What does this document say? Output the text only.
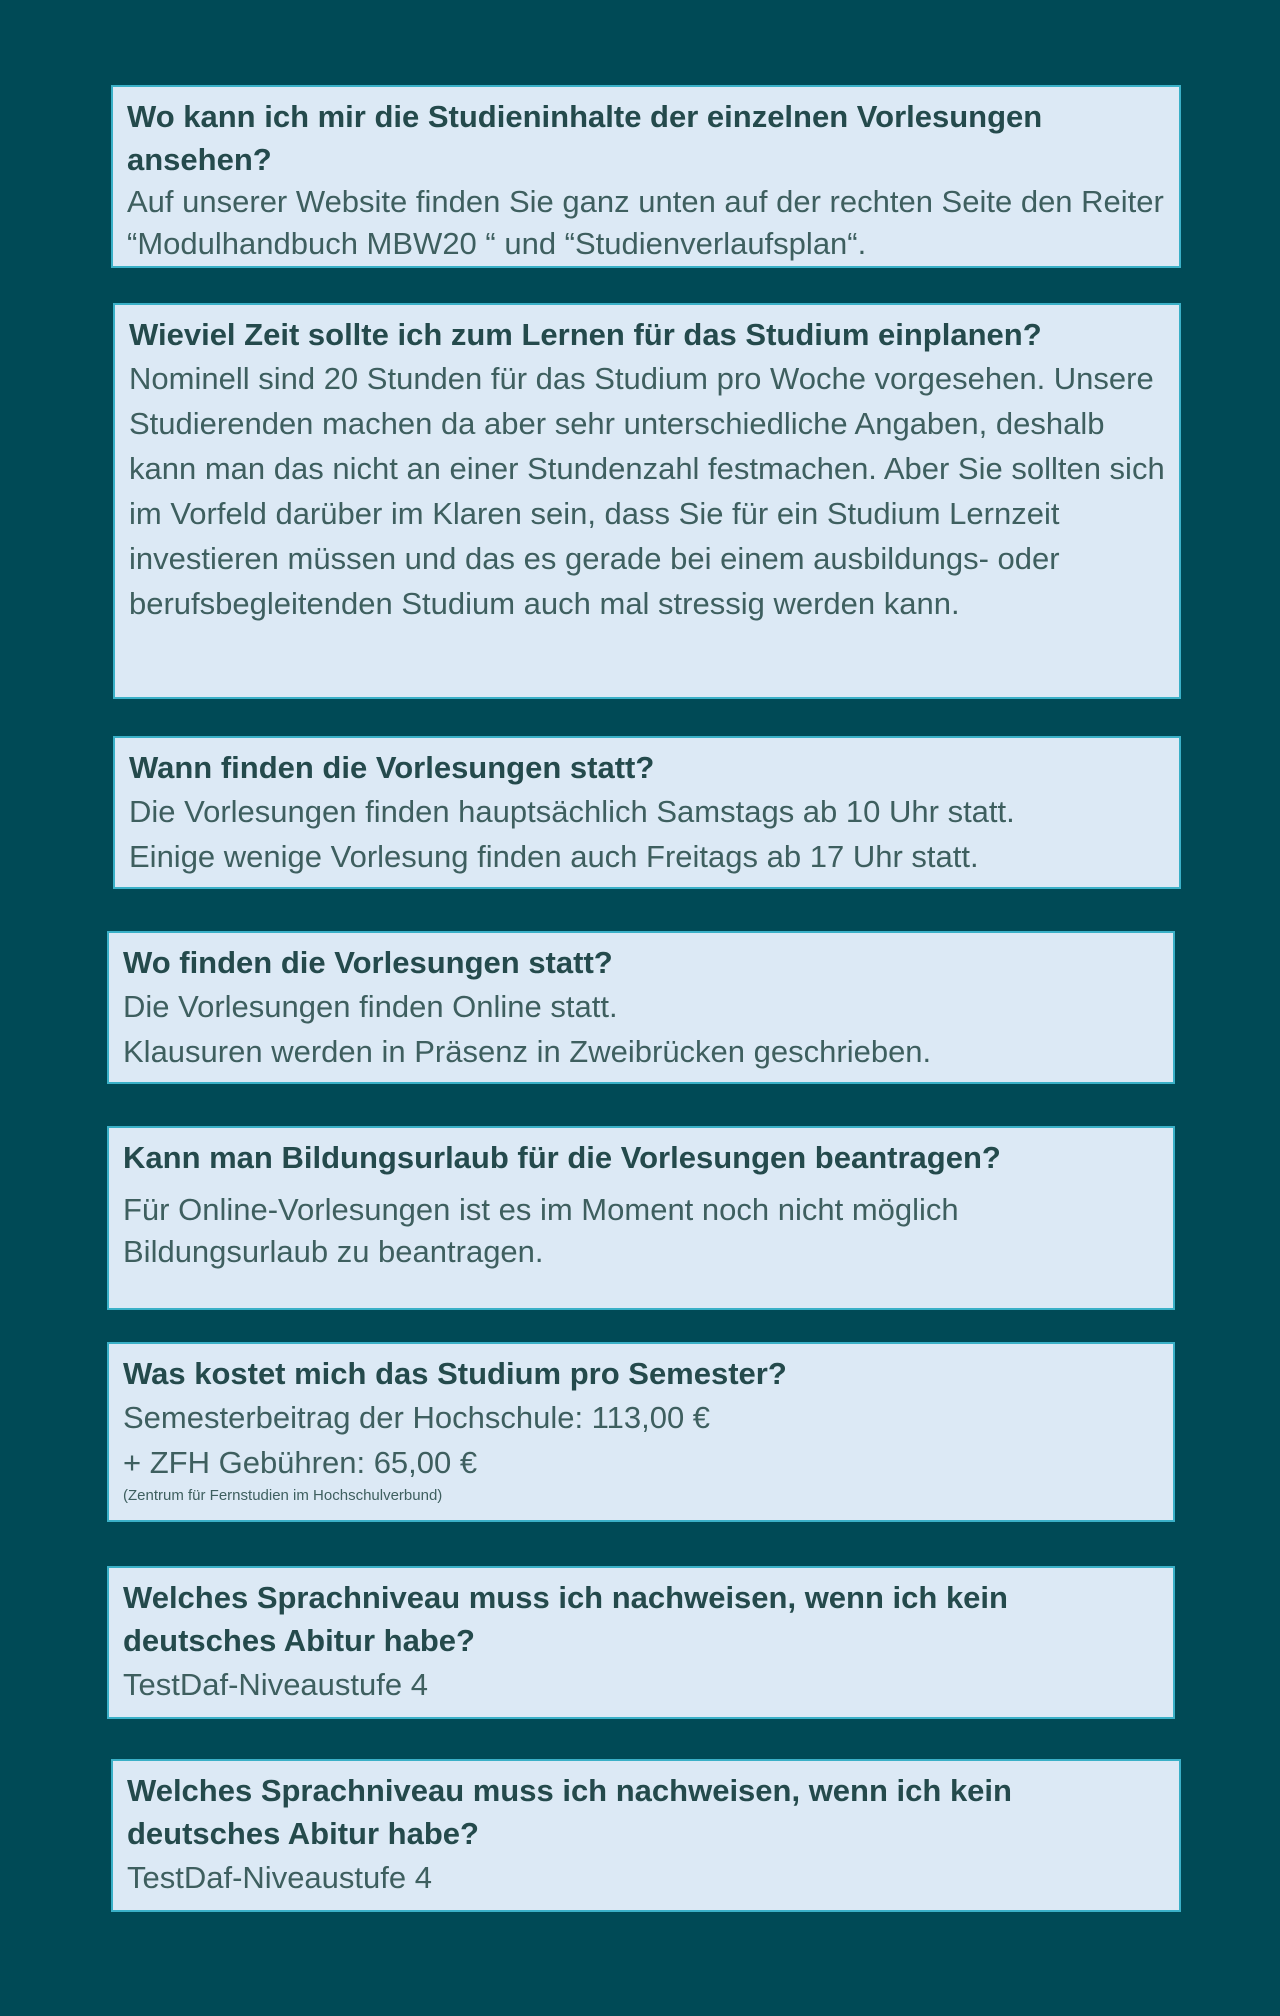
Wo kann ich mir die Studieninhalte der einzelnen Vorlesungen ansehen?

Auf unserer Website finden Sie ganz unten auf der rechten Seite den Reiter “Modulhandbuch MBW20 “ und “Studienverlaufsplan“.

Wieviel Zeit sollte ich zum Lernen für das Studium einplanen?

Nominell sind 20 Stunden für das Studium pro Woche vorgesehen. Unsere Studierenden machen da aber sehr unterschiedliche Angaben, deshalb kann man das nicht an einer Stundenzahl festmachen. Aber Sie sollten sich im Vorfeld darüber im Klaren sein, dass Sie für ein Studium Lernzeit investieren müssen und das es gerade bei einem ausbildungs- oder berufsbegleitenden Studium auch mal stressig werden kann.

Wann finden die Vorlesungen statt?

Die Vorlesungen finden hauptsächlich Samstags ab 10 Uhr statt.

Einige wenige Vorlesung finden auch Freitags ab 17 Uhr statt.

Wo finden die Vorlesungen statt?

Die Vorlesungen finden Online statt.

Klausuren werden in Präsenz in Zweibrücken geschrieben.

Kann man Bildungsurlaub für die Vorlesungen beantragen?

Für Online-Vorlesungen ist es im Moment noch nicht möglich Bildungsurlaub zu beantragen.

Was kostet mich das Studium pro Semester?

Semesterbeitrag der Hochschule: 113,00 €

+ ZFH Gebühren: 65,00 €

(Zentrum für Fernstudien im Hochschulverbund)

Welches Sprachniveau muss ich nachweisen, wenn ich kein deutsches Abitur habe?

TestDaf-Niveaustufe 4

Welches Sprachniveau muss ich nachweisen, wenn ich kein deutsches Abitur habe?

TestDaf-Niveaustufe 4
